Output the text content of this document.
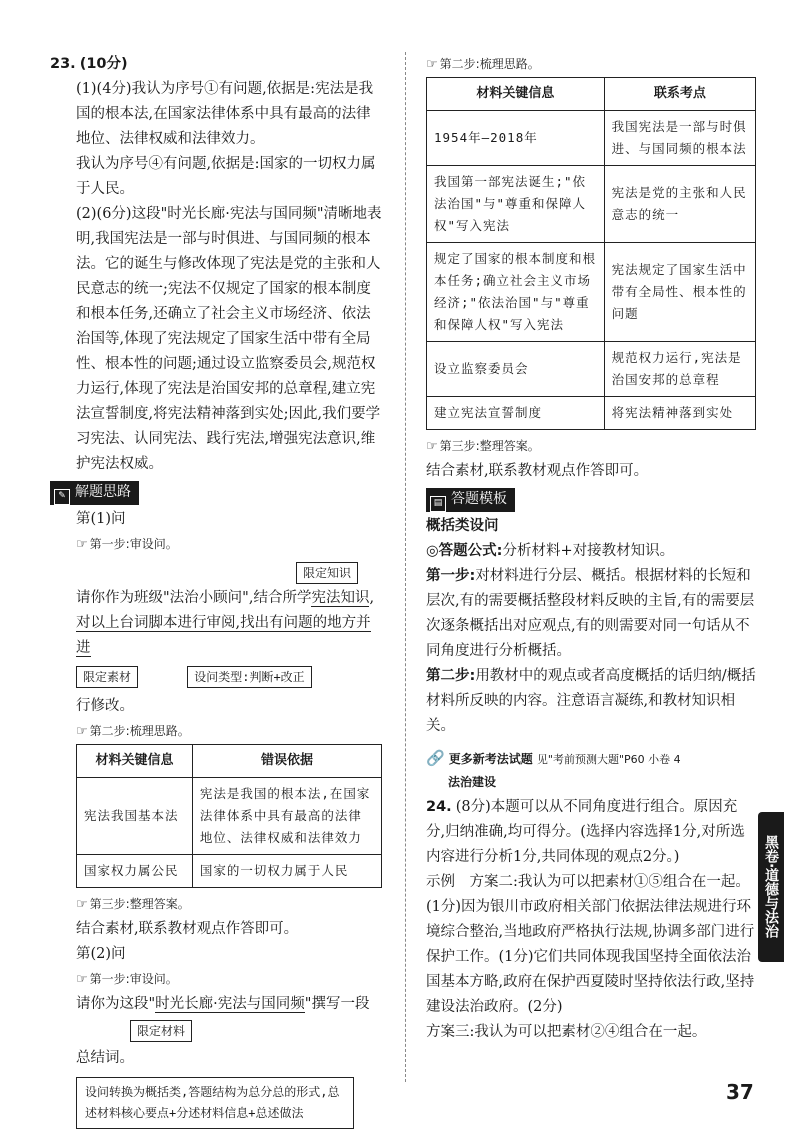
23. (10分)

(1)(4分)我认为序号①有问题,依据是:宪法是我国的根本法,在国家法律体系中具有最高的法律地位、法律权威和法律效力。

我认为序号④有问题,依据是:国家的一切权力属于人民。

(2)(6分)这段"时光长廊·宪法与国同频"清晰地表明,我国宪法是一部与时俱进、与国同频的根本法。它的诞生与修改体现了宪法是党的主张和人民意志的统一;宪法不仅规定了国家的根本制度和根本任务,还确立了社会主义市场经济、依法治国等,体现了宪法规定了国家生活中带有全局性、根本性的问题;通过设立监察委员会,规范权力运行,体现了宪法是治国安邦的总章程,建立宪法宣誓制度,将宪法精神落到实处;因此,我们要学习宪法、认同宪法、践行宪法,增强宪法意识,维护宪法权威。

✎ 解题思路

第(1)问

☞ 第一步:审设问。

限定知识

请你作为班级"法治小顾问",结合所学宪法知识,

对以上台词脚本进行审阅,找出有问题的地方并进

限定素材	设问类型:判断+改正

行修改。

☞ 第二步:梳理思路。

材料关键信息	错误依据
宪法我国基本法	宪法是我国的根本法,在国家法律体系中具有最高的法律地位、法律权威和法律效力
国家权力属公民	国家的一切权力属于人民

☞ 第三步:整理答案。

结合素材,联系教材观点作答即可。

第(2)问

☞ 第一步:审设问。

请你为这段"时光长廊·宪法与国同频"撰写一段

限定材料

总结词。

设问转换为概括类,答题结构为总分总的形式,总述材料核心要点+分述材料信息+总述做法

☞ 第二步:梳理思路。

材料关键信息	联系考点
1954年—2018年	我国宪法是一部与时俱进、与国同频的根本法
我国第一部宪法诞生;"依法治国"与"尊重和保障人权"写入宪法	宪法是党的主张和人民意志的统一
规定了国家的根本制度和根本任务;确立社会主义市场经济;"依法治国"与"尊重和保障人权"写入宪法	宪法规定了国家生活中带有全局性、根本性的问题
设立监察委员会	规范权力运行,宪法是治国安邦的总章程
建立宪法宣誓制度	将宪法精神落到实处

☞ 第三步:整理答案。

结合素材,联系教材观点作答即可。

▤ 答题模板

概括类设问

◎答题公式:分析材料+对接教材知识。

第一步:对材料进行分层、概括。根据材料的长短和层次,有的需要概括整段材料反映的主旨,有的需要层次逐条概括出对应观点,有的则需要对同一句话从不同角度进行分析概括。

第二步:用教材中的观点或者高度概括的话归纳/概括材料所反映的内容。注意语言凝练,和教材知识相关。

🔗 更多新考法试题 见"考前预测大题"P60 小卷 4
法治建设

24. (8分)本题可以从不同角度进行组合。原因充分,归纳准确,均可得分。(选择内容选择1分,对所选内容进行分析1分,共同体现的观点2分。)

示例　方案二:我认为可以把素材①⑤组合在一起。(1分)因为银川市政府相关部门依据法律法规进行环境综合整治,当地政府严格执行法规,协调多部门进行保护工作。(1分)它们共同体现我国坚持全面依法治国基本方略,政府在保护西夏陵时坚持依法行政,坚持建设法治政府。(2分)

方案三:我认为可以把素材②④组合在一起。

黑卷·道德与法治
37
